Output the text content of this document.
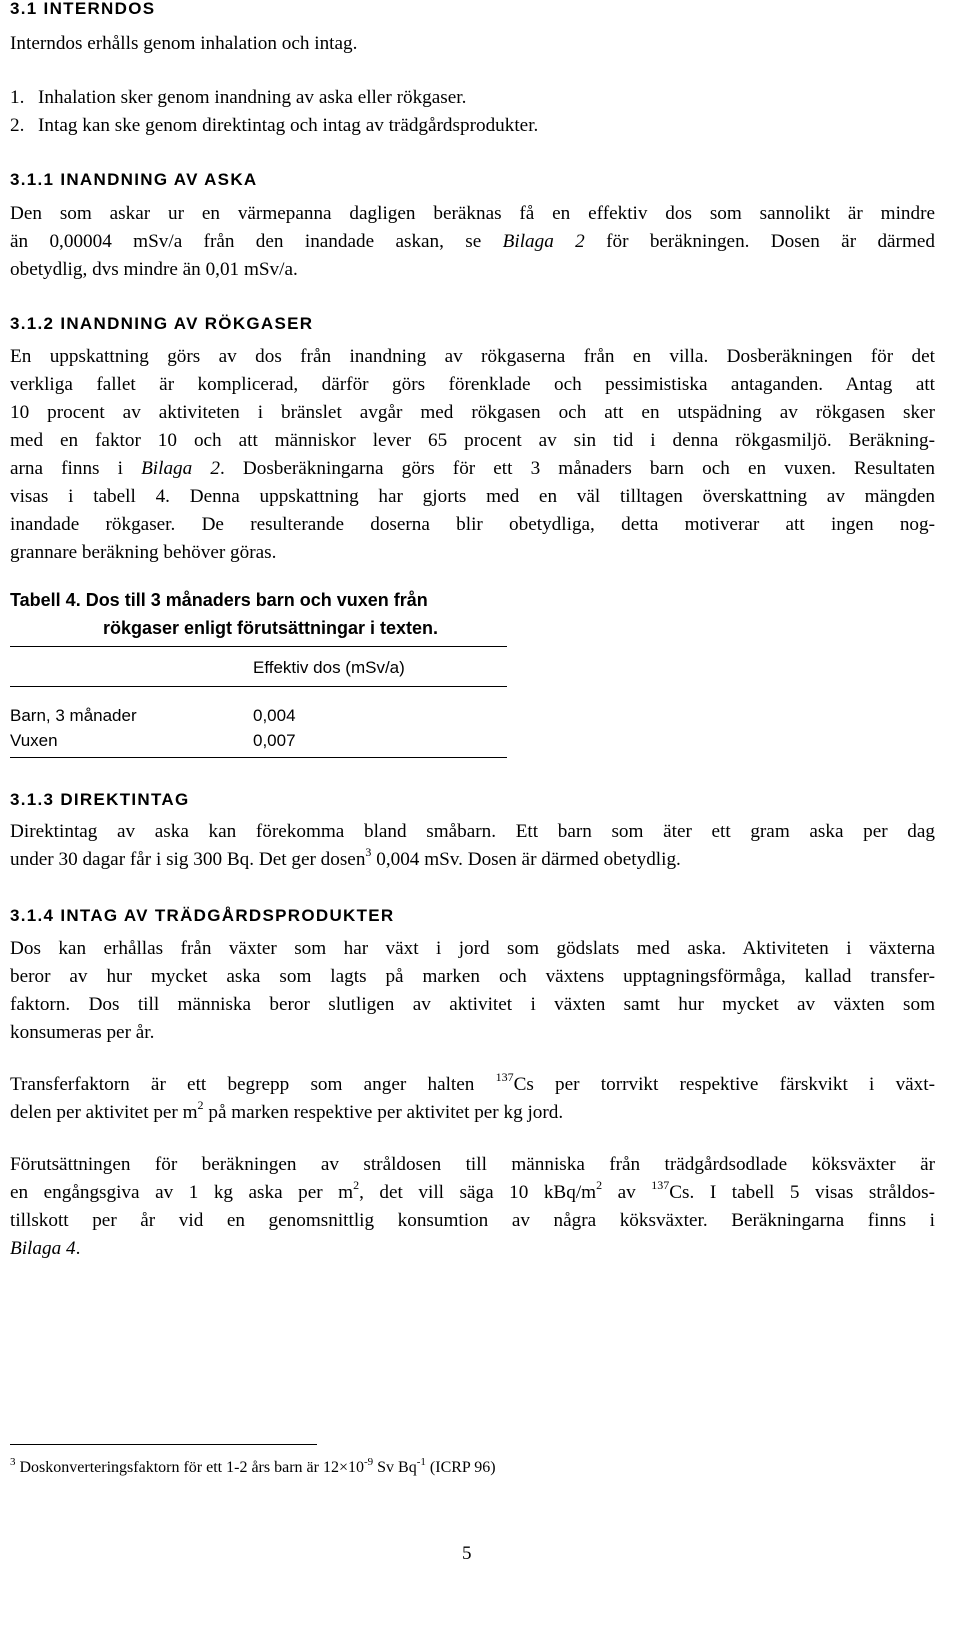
3.1 INTERNDOS

Interndos erhålls genom inhalation och intag.

1. Inhalation sker genom inandning av aska eller rökgaser.
2. Intag kan ske genom direktintag och intag av trädgårdsprodukter.
3.1.1 INANDNING AV ASKA
Den som askar ur en värmepanna dagligen beräknas få en effektiv dos som sannolikt är mindre
än 0,00004 mSv/a från den inandade askan, se Bilaga 2 för beräkningen. Dosen är därmed
obetydlig, dvs mindre än 0,01 mSv/a.
3.1.2 INANDNING AV RÖKGASER
En uppskattning görs av dos från inandning av rökgaserna från en villa. Dosberäkningen för det
verkliga fallet är komplicerad, därför görs förenklade och pessimistiska antaganden. Antag att
10 procent av aktiviteten i bränslet avgår med rökgasen och att en utspädning av rökgasen sker
med en faktor 10 och att människor lever 65 procent av sin tid i denna rökgasmiljö. Beräkning-
arna finns i Bilaga 2. Dosberäkningarna görs för ett 3 månaders barn och en vuxen. Resultaten
visas i tabell 4. Denna uppskattning har gjorts med en väl tilltagen överskattning av mängden
inandade rökgaser. De resulterande doserna blir obetydliga, detta motiverar att ingen nog-
grannare beräkning behöver göras.

Tabell 4. Dos till 3 månaders barn och vuxen från
rökgaser enligt förutsättningar i texten.

Effektiv dos (mSv/a)
Barn, 3 månader	0,004
Vuxen	0,007
3.1.3 DIREKTINTAG
Direktintag av aska kan förekomma bland småbarn. Ett barn som äter ett gram aska per dag
under 30 dagar får i sig 300 Bq. Det ger dosen$^3$ 0,004 mSv. Dosen är därmed obetydlig.
3.1.4 INTAG AV TRÄDGÅRDSPRODUKTER
Dos kan erhållas från växter som har växt i jord som gödslats med aska. Aktiviteten i växterna
beror av hur mycket aska som lagts på marken och växtens upptagningsförmåga, kallad transfer-
faktorn. Dos till människa beror slutligen av aktivitet i växten samt hur mycket av växten som
konsumeras per år.
Transferfaktorn är ett begrepp som anger halten $^{137}$Cs per torrvikt respektive färskvikt i växt-
delen per aktivitet per $m^2$ på marken respektive per aktivitet per kg jord.
Förutsättningen för beräkningen av stråldosen till människa från trädgårdsodlade köksväxter är
en engångsgiva av 1 kg aska per $m^2$, det vill säga 10 kBq/$m^2$ av $^{137}$Cs. I tabell 5 visas stråldos-
tillskott per år vid en genomsnittlig konsumtion av några köksväxter. Beräkningarna finns i
Bilaga 4.
$^3$ Doskonverteringsfaktorn för ett 1-2 års barn är $12\times 10^{-9}$ Sv $Bq^{-1}$ (ICRP 96)
5
